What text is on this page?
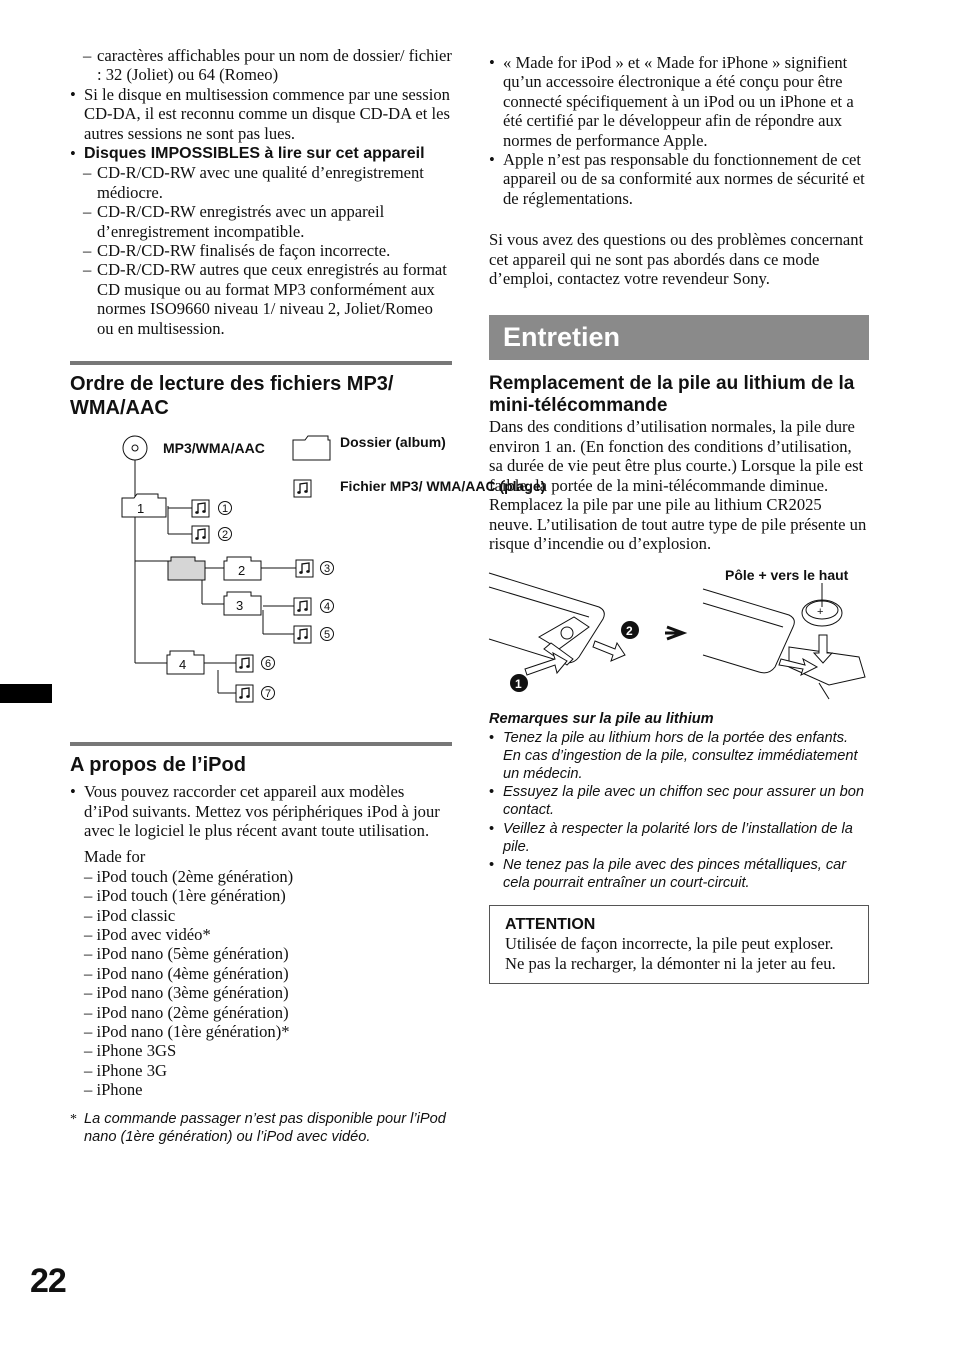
– caractères affichables pour un nom de dossier/ fichier : 32 (Joliet) ou 64 (Romeo)
• Si le disque en multisession commence par une session CD-DA, il est reconnu comme un disque CD-DA et les autres sessions ne sont pas lues.
• Disques IMPOSSIBLES à lire sur cet appareil
– CD-R/CD-RW avec une qualité d’enregistrement médiocre.
– CD-R/CD-RW enregistrés avec un appareil d’enregistrement incompatible.
– CD-R/CD-RW finalisés de façon incorrecte.
– CD-R/CD-RW autres que ceux enregistrés au format CD musique ou au format MP3 conformément aux normes ISO9660 niveau 1/ niveau 2, Joliet/Romeo ou en multisession.
Ordre de lecture des fichiers MP3/ WMA/AAC
MP3/WMA/AAC	Dossier (album)
Fichier MP3/ WMA/AAC (plage)
1
2
3
4
1
2
3
4
5
6
7
A propos de l’iPod
• Vous pouvez raccorder cet appareil aux modèles d’iPod suivants. Mettez vos périphériques iPod à jour avec le logiciel le plus récent avant toute utilisation.
Made for
– iPod touch (2ème génération)
– iPod touch (1ère génération)
– iPod classic
– iPod avec vidéo*
– iPod nano (5ème génération)
– iPod nano (4ème génération)
– iPod nano (3ème génération)
– iPod nano (2ème génération)
– iPod nano (1ère génération)*
– iPhone 3GS
– iPhone 3G
– iPhone
* La commande passager n’est pas disponible pour l’iPod nano (1ère génération) ou l’iPod avec vidéo.
• « Made for iPod » et « Made for iPhone » signifient qu’un accessoire électronique a été conçu pour être connecté spécifiquement à un iPod ou un iPhone et a été certifié par le développeur afin de répondre aux normes de performance Apple.
• Apple n’est pas responsable du fonctionnement de cet appareil ou de sa conformité aux normes de sécurité et de réglementations.
Si vous avez des questions ou des problèmes concernant cet appareil qui ne sont pas abordés dans ce mode d’emploi, contactez votre revendeur Sony.
Entretien
Remplacement de la pile au lithium de la mini-télécommande
Dans des conditions d’utilisation normales, la pile dure environ 1 an. (En fonction des conditions d’utilisation, sa durée de vie peut être plus courte.) Lorsque la pile est faible, la portée de la mini-télécommande diminue. Remplacez la pile par une pile au lithium CR2025 neuve. L’utilisation de tout autre type de pile présente un risque d’incendie ou d’explosion.
Pôle + vers le haut
2
1
+
Remarques sur la pile au lithium
• Tenez la pile au lithium hors de la portée des enfants. En cas d’ingestion de la pile, consultez immédiatement un médecin.
• Essuyez la pile avec un chiffon sec pour assurer un bon contact.
• Veillez à respecter la polarité lors de l’installation de la pile.
• Ne tenez pas la pile avec des pinces métalliques, car cela pourrait entraîner un court-circuit.
ATTENTION
Utilisée de façon incorrecte, la pile peut exploser. Ne pas la recharger, la démonter ni la jeter au feu.
22
